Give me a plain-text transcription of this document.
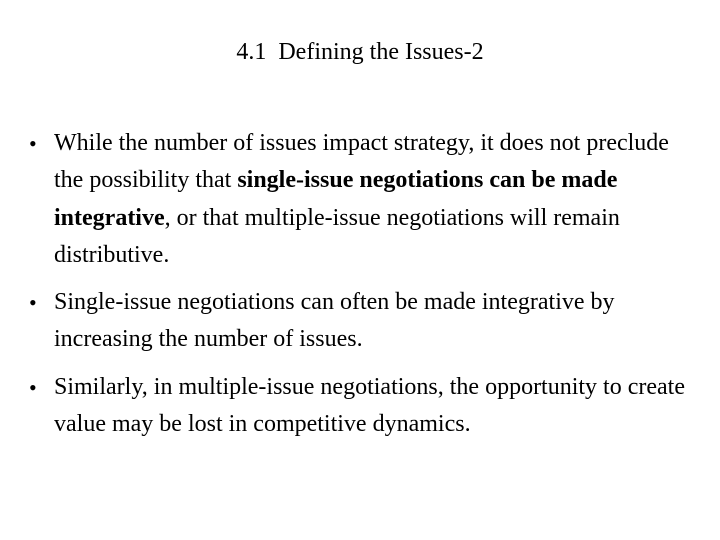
4.1  Defining the Issues-2
• While the number of issues impact strategy, it does not preclude the possibility that single-issue negotiations can be made integrative, or that multiple-issue negotiations will remain distributive.
• Single-issue negotiations can often be made integrative by increasing the number of issues.
• Similarly, in multiple-issue negotiations, the opportunity to create value may be lost in competitive dynamics.
